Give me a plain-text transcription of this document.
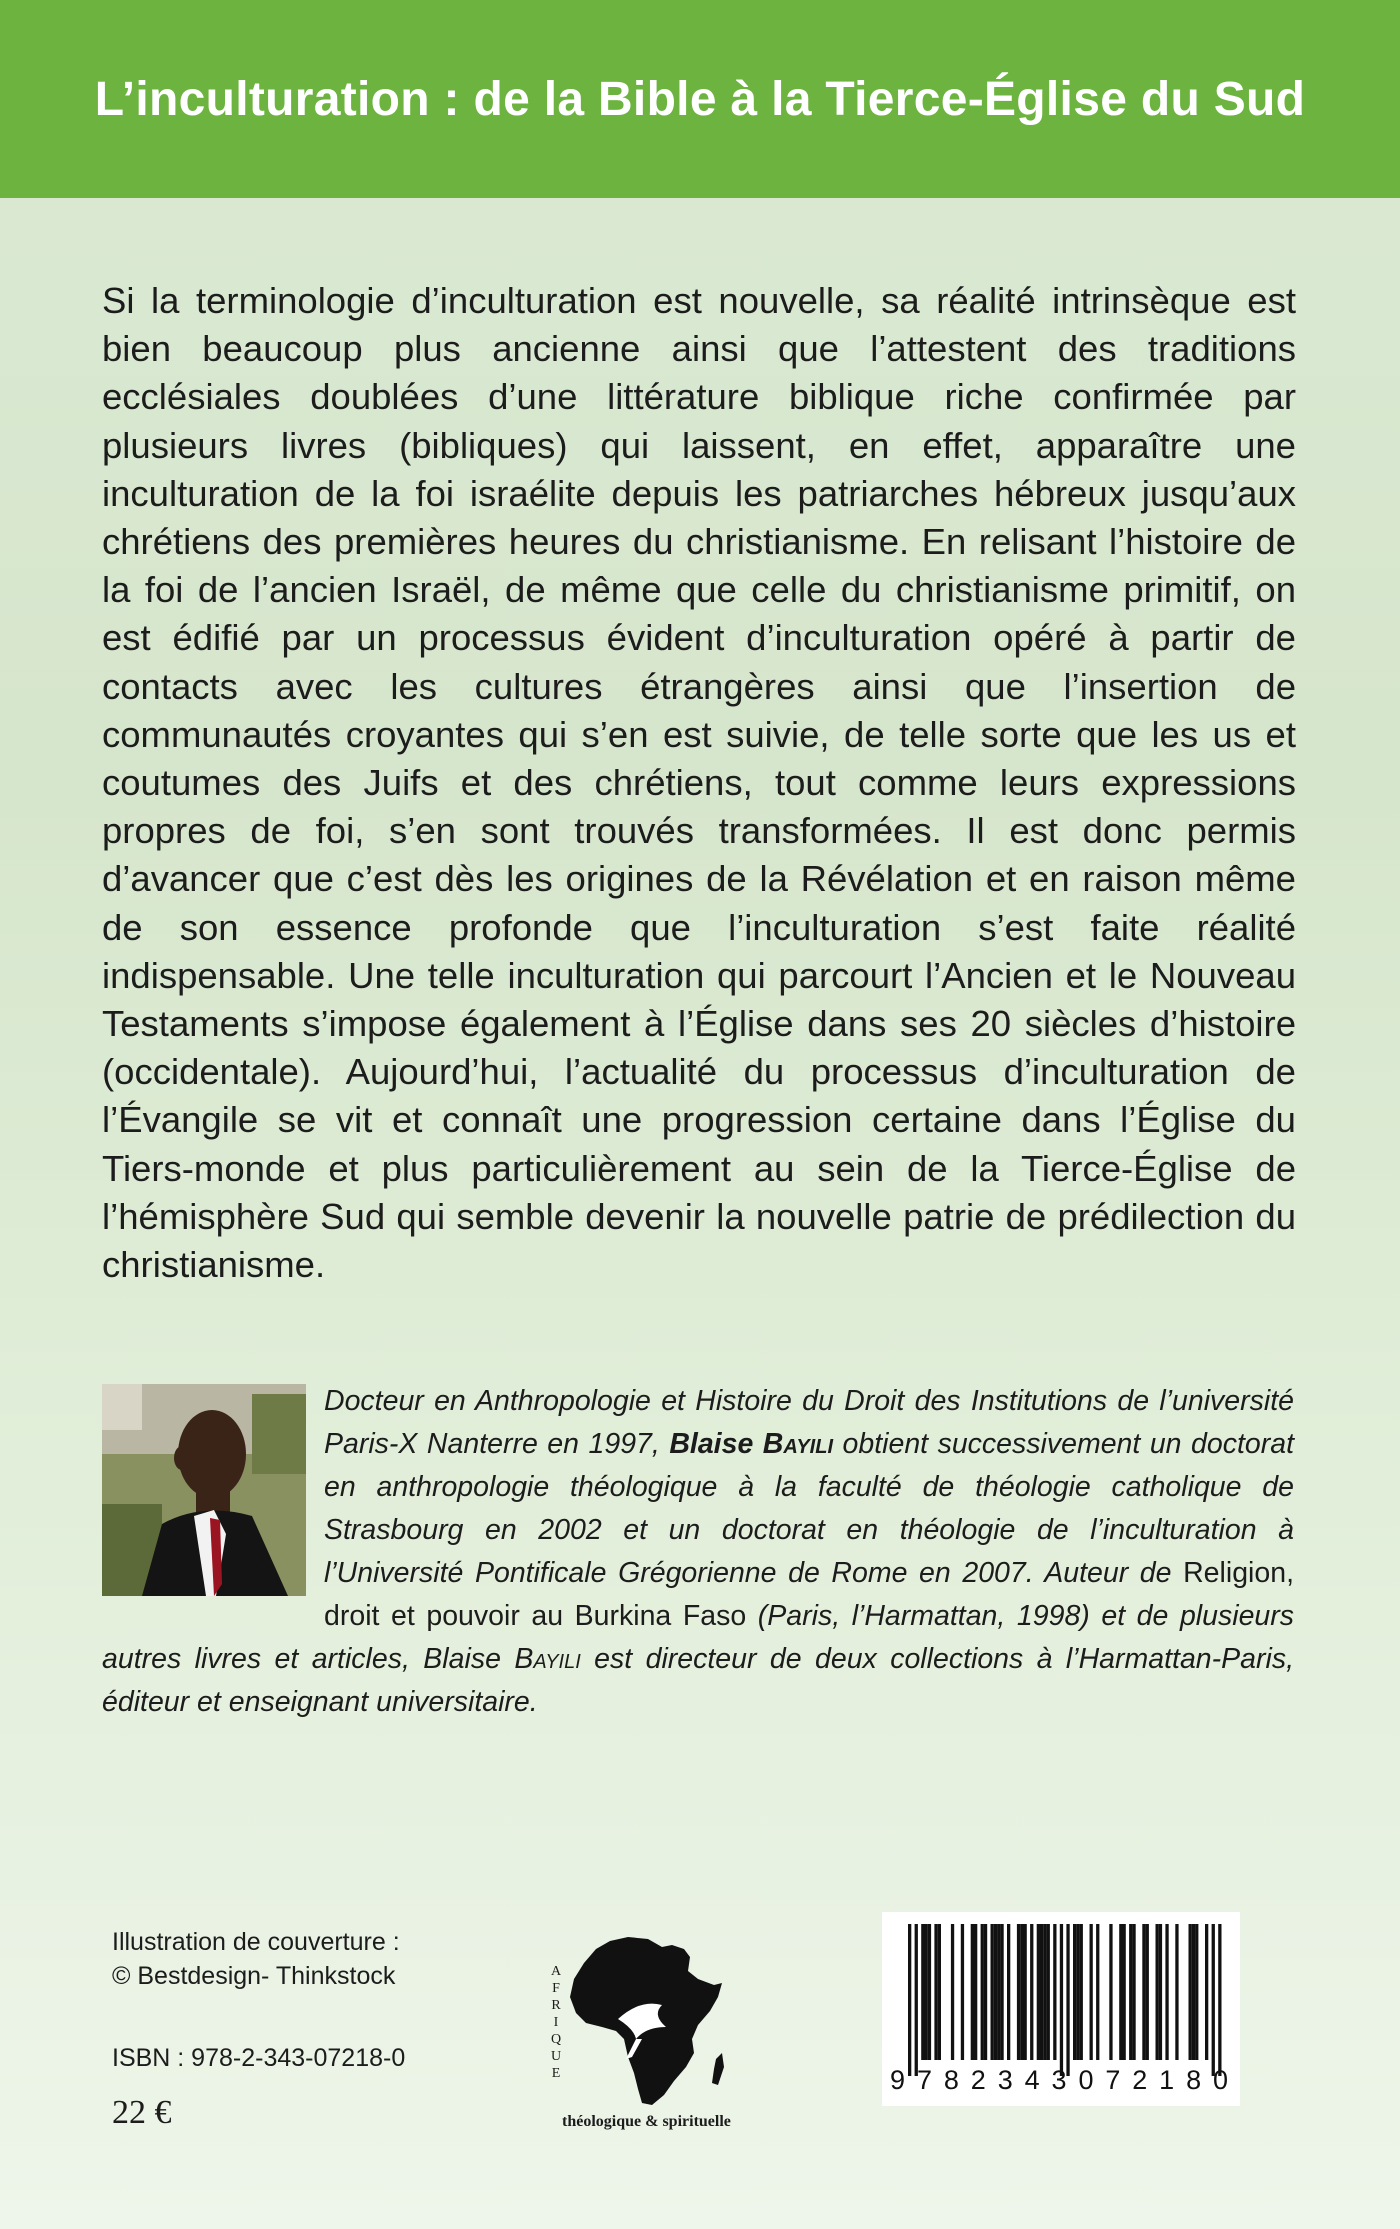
L’inculturation : de la Bible à la Tierce-Église du Sud

Si la terminologie d’inculturation est nouvelle, sa réalité intrinsèque est bien beaucoup plus ancienne ainsi que l’attestent des traditions ecclésiales doublées d’une littérature biblique riche confirmée par plusieurs livres (bibliques) qui laissent, en effet, apparaître une inculturation de la foi israélite depuis les patriarches hébreux jusqu’aux chrétiens des premières heures du christianisme. En relisant l’histoire de la foi de l’ancien Israël, de même que celle du christianisme primitif, on est édifié par un processus évident d’inculturation opéré à partir de contacts avec les cultures étrangères ainsi que l’insertion de communautés croyantes qui s’en est suivie, de telle sorte que les us et coutumes des Juifs et des chrétiens, tout comme leurs expressions propres de foi, s’en sont trouvés transformées. Il est donc permis d’avancer que c’est dès les origines de la Révélation et en raison même de son essence profonde que l’inculturation s’est faite réalité indispensable. Une telle inculturation qui parcourt l’Ancien et le Nouveau Testaments s’impose également à l’Église dans ses 20 siècles d’histoire (occidentale). Aujourd’hui, l’actualité du processus d’inculturation de l’Évangile se vit et connaît une progression certaine dans l’Église du Tiers-monde et plus particulièrement au sein de la Tierce-Église de l’hémisphère Sud qui semble devenir la nouvelle patrie de prédilection du christianisme.

Docteur en Anthropologie et Histoire du Droit des Institutions de l’université Paris-X Nanterre en 1997, Blaise Bayili obtient successivement un doctorat en anthropologie théologique à la faculté de théologie catholique de Strasbourg en 2002 et un doctorat en théologie de l’inculturation à l’Université Pontificale Grégorienne de Rome en 2007. Auteur de Religion, droit et pouvoir au Burkina Faso (Paris, l’Harmattan, 1998) et de plusieurs autres livres et articles, Blaise Bayili est directeur de deux collections à l’Harmattan-Paris, éditeur et enseignant universitaire.

Illustration de couverture :
© Bestdesign- Thinkstock
ISBN : 978-2-343-07218-0
22 €
A
F
R
I
Q
U
E
théologique & spirituelle
9 7 8 2 3 4 3 0 7 2 1 8 0
